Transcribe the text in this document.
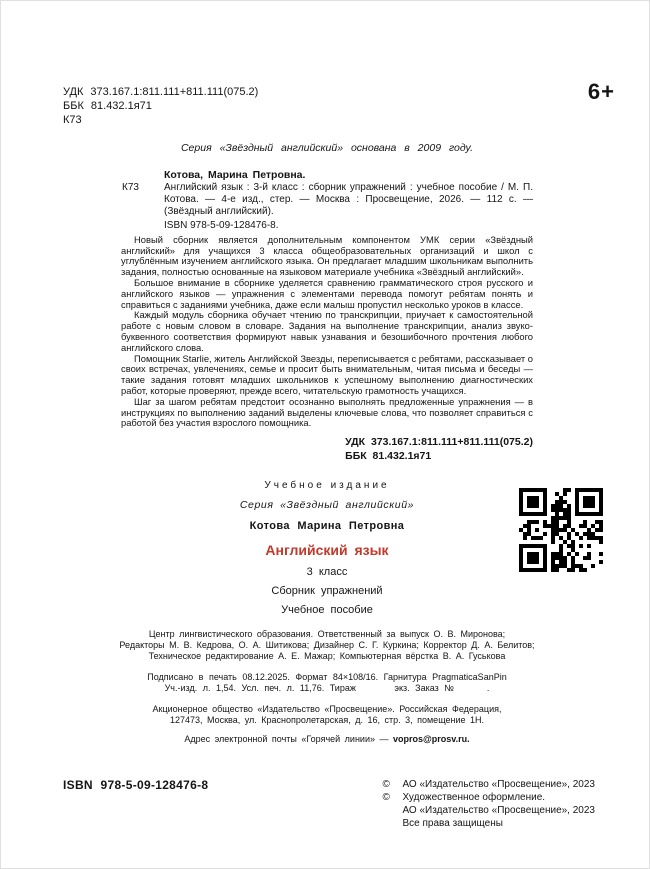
УДК 373.167.1:811.111+811.111(075.2)
ББК 81.432.1я71
К73
6+
Серия «Звёздный английский» основана в 2009 году.
Котова, Марина Петровна.
К73	Английский язык : 3-й класс : сборник упражнений : учебное пособие / М. П. Котова. — 4-е изд., стер. — Москва : Просвещение, 2026. — 112 с. — (Звёздный английский).

ISBN 978-5-09-128476-8.

Новый сборник является дополнительным компонентом УМК серии «Звёздный английский» для учащихся 3 класса общеобразовательных организаций и школ с углублённым изучением английского языка. Он предлагает младшим школьникам выполнить задания, полностью основанные на языковом материале учебника «Звёздный английский».

Большое внимание в сборнике уделяется сравнению грамматического строя русского и английского языков — упражнения с элементами перевода помогут ребятам понять и справиться с заданиями учебника, даже если малыш пропустил несколько уроков в классе.

Каждый модуль сборника обучает чтению по транскрипции, приучает к самостоятельной работе с новым словом в словаре. Задания на выполнение транскрипции, анализ звуко-буквенного соответствия формируют навык узнавания и безошибочного прочтения любого английского слова.

Помощник Starlie, житель Английской Звезды, переписывается с ребятами, рассказывает о своих встречах, увлечениях, семье и просит быть внимательным, читая письма и беседы — такие задания готовят младших школьников к успешному выполнению диагностических работ, которые проверяют, прежде всего, читательскую грамотность учащихся.

Шаг за шагом ребятам предстоит осознанно выполнять предложенные упражнения — в инструкциях по выполнению заданий выделены ключевые слова, что позволяет справиться с работой без участия взрослого помощника.

УДК 373.167.1:811.111+811.111(075.2)
ББК 81.432.1я71
Учебное издание
Серия «Звёздный английский»
Котова Марина Петровна
Английский язык
3 класс
Сборник упражнений
Учебное пособие
Центр лингвистического образования. Ответственный за выпуск О. В. Миронова;
Редакторы М. В. Кедрова, О. А. Шитикова; Дизайнер С. Г. Куркина; Корректор Д. А. Белитов;
Техническое редактирование А. Е. Мажар; Компьютерная вёрстка В. А. Гуськова
Подписано в печать 08.12.2025. Формат 84×108/16. Гарнитура PragmaticaSanPin
Уч.-изд. л. 1,54. Усл. печ. л. 11,76. Тираж       экз. Заказ №      .
Акционерное общество «Издательство «Просвещение». Российская Федерация,
127473, Москва, ул. Краснопролетарская, д. 16, стр. 3, помещение 1Н.
Адрес электронной почты «Горячей линии» — vopros@prosv.ru.
ISBN 978-5-09-128476-8	©	АО «Издательство «Просвещение», 2023
©	Художественное оформление.
АО «Издательство «Просвещение», 2023
Все права защищены
